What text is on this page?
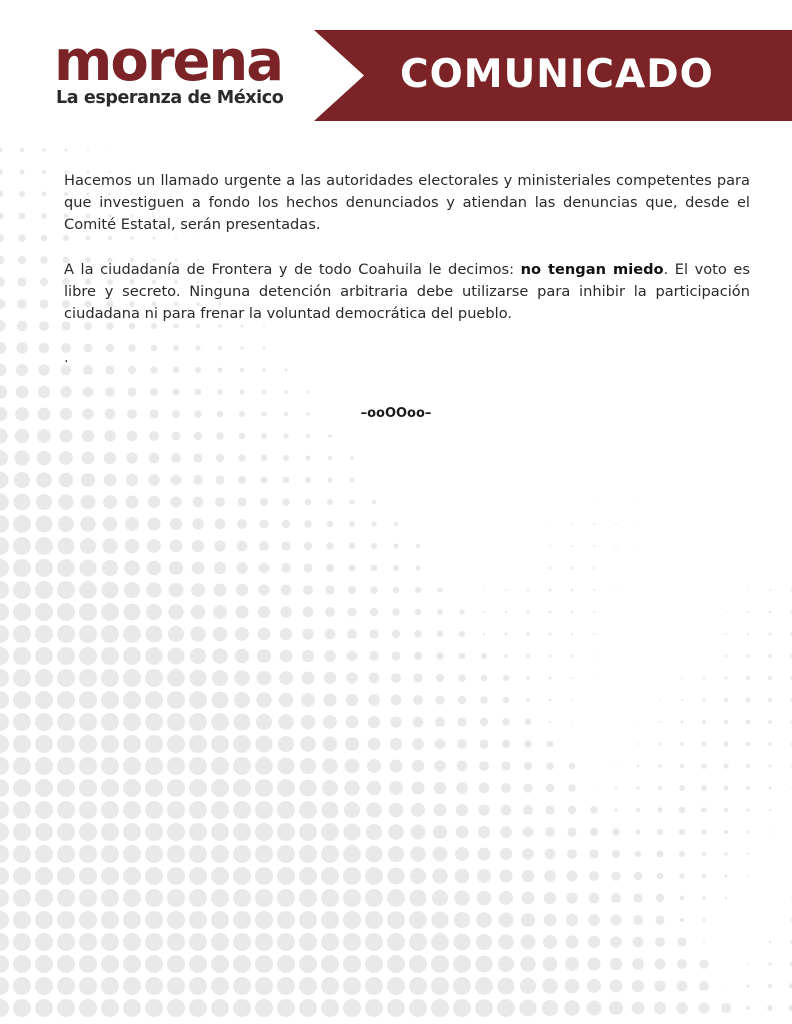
morena
La esperanza de México
COMUNICADO

Hacemos un llamado urgente a las autoridades electorales y ministeriales competentes para que investiguen a fondo los hechos denunciados y atiendan las denuncias que, desde el Comité Estatal, serán presentadas.

A la ciudadanía de Frontera y de todo Coahuila le decimos: no tengan miedo. El voto es libre y secreto. Ninguna detención arbitraria debe utilizarse para inhibir la participación ciudadana ni para frenar la voluntad democrática del pueblo.

.

–ooOOoo–
